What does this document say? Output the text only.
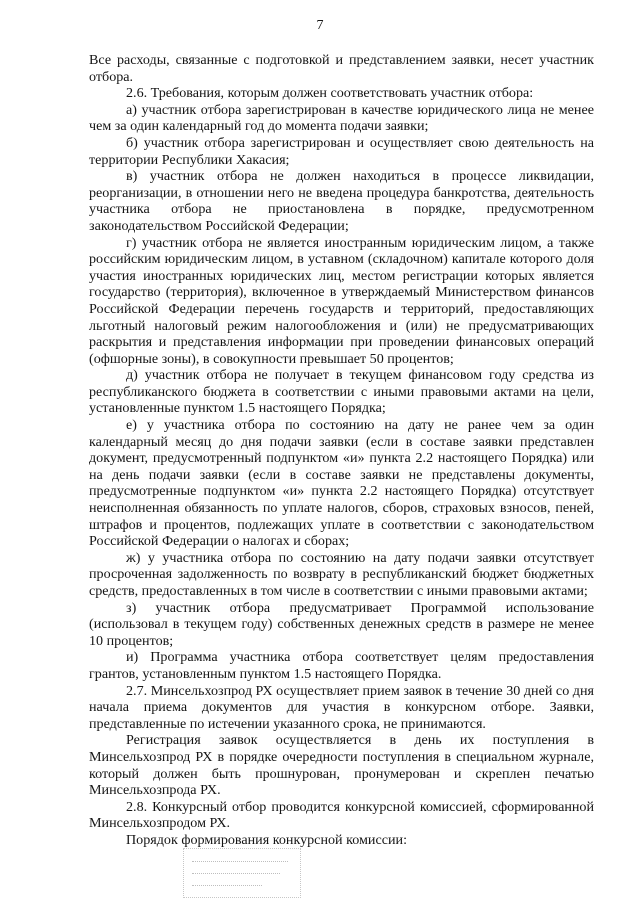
7

Все расходы, связанные с подготовкой и представлением заявки, несет участник отбора.

2.6. Требования, которым должен соответствовать участник отбора:

а) участник отбора зарегистрирован в качестве юридического лица не менее чем за один календарный год до момента подачи заявки;

б) участник отбора зарегистрирован и осуществляет свою деятельность на территории Республики Хакасия;

в) участник отбора не должен находиться в процессе ликвидации, реорганизации, в отношении него не введена процедура банкротства, деятельность участника отбора не приостановлена в порядке, предусмотренном законодательством Российской Федерации;

г) участник отбора не является иностранным юридическим лицом, а также российским юридическим лицом, в уставном (складочном) капитале которого доля участия иностранных юридических лиц, местом регистрации которых является государство (территория), включенное в утверждаемый Министерством финансов Российской Федерации перечень государств и территорий, предоставляющих льготный налоговый режим налогообложения и (или) не предусматривающих раскрытия и представления информации при проведении финансовых операций (офшорные зоны), в совокупности превышает 50 процентов;

д) участник отбора не получает в текущем финансовом году средства из республиканского бюджета в соответствии с иными правовыми актами на цели, установленные пунктом 1.5 настоящего Порядка;

е) у участника отбора по состоянию на дату не ранее чем за один календарный месяц до дня подачи заявки (если в составе заявки представлен документ, предусмотренный подпунктом «и» пункта 2.2 настоящего Порядка) или на день подачи заявки (если в составе заявки не представлены документы, предусмотренные подпунктом «и» пункта 2.2 настоящего Порядка) отсутствует неисполненная обязанность по уплате налогов, сборов, страховых взносов, пеней, штрафов и процентов, подлежащих уплате в соответствии с законодательством Российской Федерации о налогах и сборах;

ж) у участника отбора по состоянию на дату подачи заявки отсутствует просроченная задолженность по возврату в республиканский бюджет бюджетных средств, предоставленных в том числе в соответствии с иными правовыми актами;

з) участник отбора предусматривает Программой использование (использовал в текущем году) собственных денежных средств в размере не менее 10 процентов;

и) Программа участника отбора соответствует целям предоставления грантов, установленным пунктом 1.5 настоящего Порядка.

2.7. Минсельхозпрод РХ осуществляет прием заявок в течение 30 дней со дня начала приема документов для участия в конкурсном отборе. Заявки, представленные по истечении указанного срока, не принимаются.

Регистрация заявок осуществляется в день их поступления в Минсельхозпрод РХ в порядке очередности поступления в специальном журнале, который должен быть прошнурован, пронумерован и скреплен печатью Минсельхозпрода РХ.

2.8. Конкурсный отбор проводится конкурсной комиссией, сформированной Минсельхозпродом РХ.

Порядок формирования конкурсной комиссии:
